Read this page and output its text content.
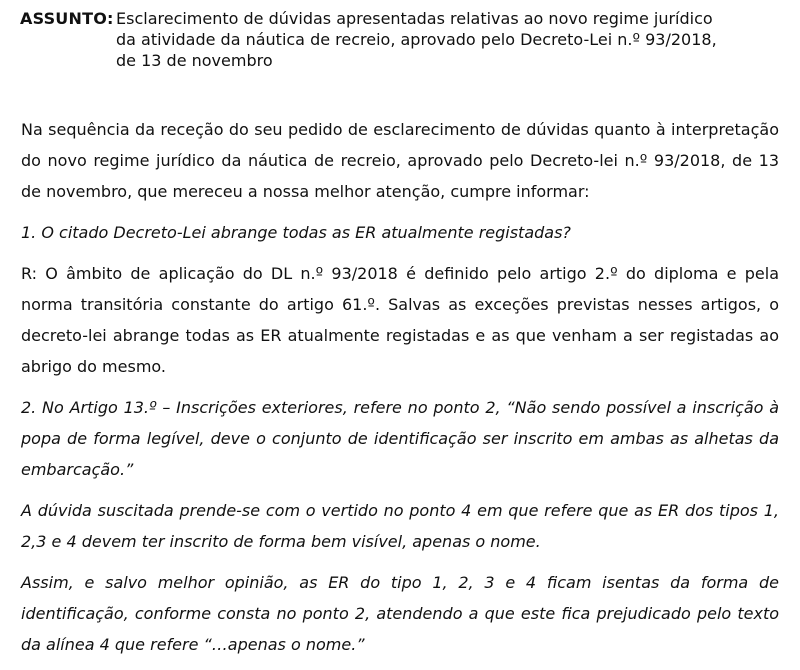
ASSUNTO: Esclarecimento de dúvidas apresentadas relativas ao novo regime jurídico da atividade da náutica de recreio, aprovado pelo Decreto-Lei n.º 93/2018, de 13 de novembro

Na sequência da receção do seu pedido de esclarecimento de dúvidas quanto à interpretação do novo regime jurídico da náutica de recreio, aprovado pelo Decreto-lei n.º 93/2018, de 13 de novembro, que mereceu a nossa melhor atenção, cumpre informar:

1. O citado Decreto-Lei abrange todas as ER atualmente registadas?

R: O âmbito de aplicação do DL n.º 93/2018 é definido pelo artigo 2.º do diploma e pela norma transitória constante do artigo 61.º. Salvas as exceções previstas nesses artigos, o decreto-lei abrange todas as ER atualmente registadas e as que venham a ser registadas ao abrigo do mesmo.

2. No Artigo 13.º – Inscrições exteriores, refere no ponto 2, “Não sendo possível a inscrição à popa de forma legível, deve o conjunto de identificação ser inscrito em ambas as alhetas da embarcação.”

A dúvida suscitada prende-se com o vertido no ponto 4 em que refere que as ER dos tipos 1, 2,3 e 4 devem ter inscrito de forma bem visível, apenas o nome.

Assim, e salvo melhor opinião, as ER do tipo 1, 2, 3 e 4 ficam isentas da forma de identificação, conforme consta no ponto 2, atendendo a que este fica prejudicado pelo texto da alínea 4 que refere “…apenas o nome.”
